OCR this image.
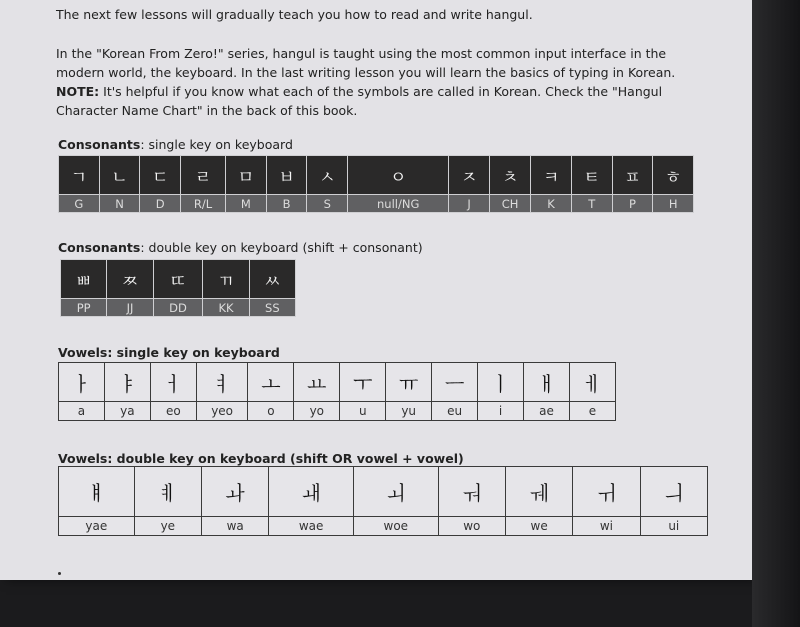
The next few lessons will gradually teach you how to read and write hangul.

In the "Korean From Zero!" series, hangul is taught using the most common input interface in the modern world, the keyboard. In the last writing lesson you will learn the basics of typing in Korean. NOTE: It's helpful if you know what each of the symbols are called in Korean. Check the "Hangul Character Name Chart" in the back of this book.

Consonants: single key on keyboard

ㄱ	ㄴ	ㄷ	ㄹ	ㅁ	ㅂ	ㅅ	ㅇ	ㅈ	ㅊ	ㅋ	ㅌ	ㅍ	ㅎ
G	N	D	R/L	M	B	S	null/NG	J	CH	K	T	P	H

Consonants: double key on keyboard (shift + consonant)

ㅃ	ㅉ	ㄸ	ㄲ	ㅆ
PP	JJ	DD	KK	SS

Vowels: single key on keyboard

ㅏ	ㅑ	ㅓ	ㅕ	ㅗ	ㅛ	ㅜ	ㅠ	ㅡ	ㅣ	ㅐ	ㅔ
a	ya	eo	yeo	o	yo	u	yu	eu	i	ae	e

Vowels: double key on keyboard (shift OR vowel + vowel)

ㅒ	ㅖ	ㅘ	ㅙ	ㅚ	ㅝ	ㅞ	ㅟ	ㅢ
yae	ye	wa	wae	woe	wo	we	wi	ui
